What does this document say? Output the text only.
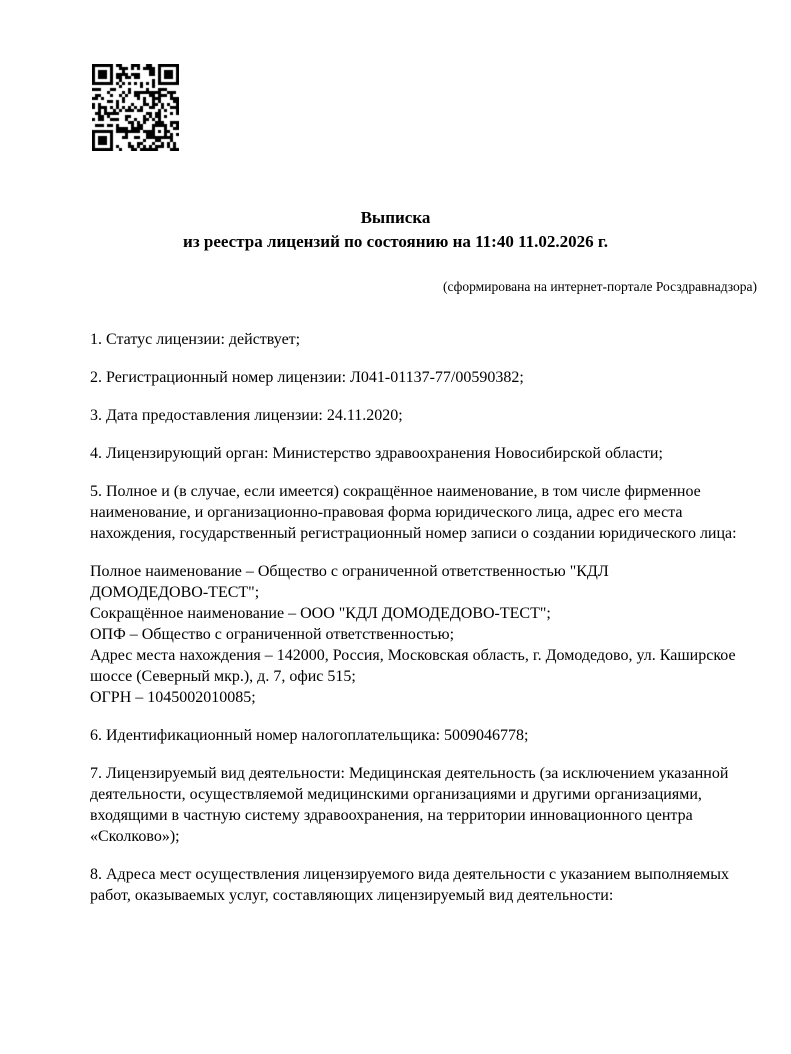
Выписка
из реестра лицензий по состоянию на 11:40 11.02.2026 г.
(сформирована на интернет-портале Росздравнадзора)
1. Статус лицензии: действует;
2. Регистрационный номер лицензии: Л041-01137-77/00590382;
3. Дата предоставления лицензии: 24.11.2020;
4. Лицензирующий орган: Министерство здравоохранения Новосибирской области;
5. Полное и (в случае, если имеется) сокращённое наименование, в том числе фирменное
наименование, и организационно-правовая форма юридического лица, адрес его места
нахождения, государственный регистрационный номер записи о создании юридического лица:
Полное наименование – Общество с ограниченной ответственностью "КДЛ
ДОМОДЕДОВО-ТЕСТ";
Сокращённое наименование – ООО "КДЛ ДОМОДЕДОВО-ТЕСТ";
ОПФ – Общество с ограниченной ответственностью;
Адрес места нахождения – 142000, Россия, Московская область, г. Домодедово, ул. Каширское
шоссе (Северный мкр.), д. 7, офис 515;
ОГРН – 1045002010085;
6. Идентификационный номер налогоплательщика: 5009046778;
7. Лицензируемый вид деятельности: Медицинская деятельность (за исключением указанной
деятельности, осуществляемой медицинскими организациями и другими организациями,
входящими в частную систему здравоохранения, на территории инновационного центра
«Сколково»);
8. Адреса мест осуществления лицензируемого вида деятельности с указанием выполняемых
работ, оказываемых услуг, составляющих лицензируемый вид деятельности:
